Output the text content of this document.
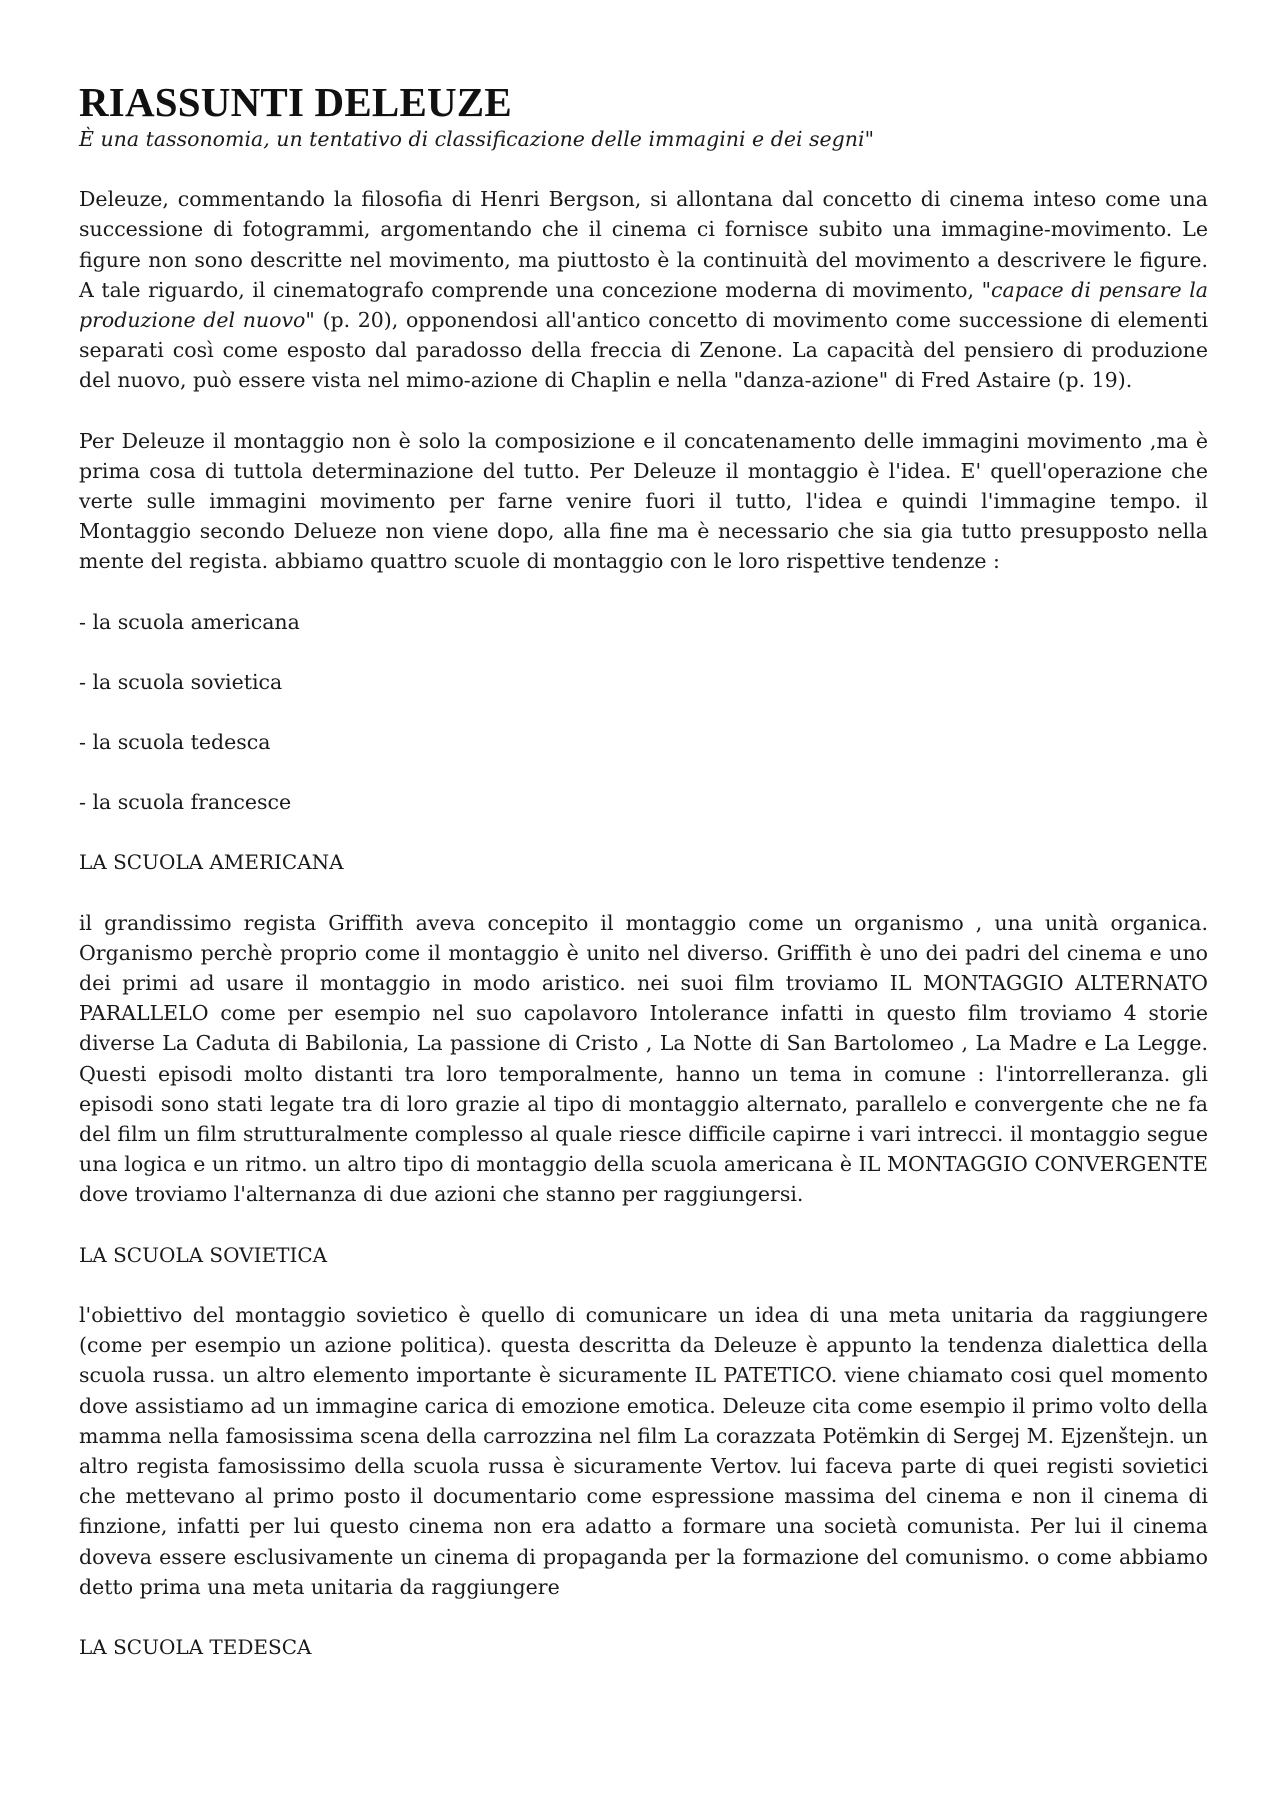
RIASSUNTI DELEUZE

È una tassonomia, un tentativo di classificazione delle immagini e dei segni"

Deleuze, commentando la filosofia di Henri Bergson, si allontana dal concetto di cinema inteso come una successione di fotogrammi, argomentando che il cinema ci fornisce subito una immagine-movimento. Le figure non sono descritte nel movimento, ma piuttosto è la continuità del movimento a descrivere le figure. A tale riguardo, il cinematografo comprende una concezione moderna di movimento, "capace di pensare la produzione del nuovo" (p. 20), opponendosi all'antico concetto di movimento come successione di elementi separati così come esposto dal paradosso della freccia di Zenone. La capacità del pensiero di produzione del nuovo, può essere vista nel mimo-azione di Chaplin e nella "danza-azione" di Fred Astaire (p. 19).

Per Deleuze il montaggio non è solo la composizione e il concatenamento delle immagini movimento ,ma è prima cosa di tuttola determinazione del tutto. Per Deleuze il montaggio è l'idea. E' quell'operazione che verte sulle immagini movimento per farne venire fuori il tutto, l'idea e quindi l'immagine tempo. il Montaggio secondo Delueze non viene dopo, alla fine ma è necessario che sia gia tutto presupposto nella mente del regista. abbiamo quattro scuole di montaggio con le loro rispettive tendenze :

- la scuola americana

- la scuola sovietica

- la scuola tedesca

- la scuola francesce

LA SCUOLA AMERICANA

il grandissimo regista Griffith aveva concepito il montaggio come un organismo , una unità organica. Organismo perchè proprio come il montaggio è unito nel diverso. Griffith è uno dei padri del cinema e uno dei primi ad usare il montaggio in modo aristico. nei suoi film troviamo IL MONTAGGIO ALTERNATO PARALLELO come per esempio nel suo capolavoro Intolerance infatti in questo film troviamo 4 storie diverse La Caduta di Babilonia, La passione di Cristo , La Notte di San Bartolomeo , La Madre e La Legge. Questi episodi molto distanti tra loro temporalmente, hanno un tema in comune : l'intorrelleranza. gli episodi sono stati legate tra di loro grazie al tipo di montaggio alternato, parallelo e convergente che ne fa del film un film strutturalmente complesso al quale riesce difficile capirne i vari intrecci. il montaggio segue una logica e un ritmo. un altro tipo di montaggio della scuola americana è IL MONTAGGIO CONVERGENTE dove troviamo l'alternanza di due azioni che stanno per raggiungersi.

LA SCUOLA SOVIETICA

l'obiettivo del montaggio sovietico è quello di comunicare un idea di una meta unitaria da raggiungere (come per esempio un azione politica). questa descritta da Deleuze è appunto la tendenza dialettica della scuola russa. un altro elemento importante è sicuramente IL PATETICO. viene chiamato cosi quel momento dove assistiamo ad un immagine carica di emozione emotica. Deleuze cita come esempio il primo volto della mamma nella famosissima scena della carrozzina nel film La corazzata Potëmkin di Sergej M. Ejzenštejn. un altro regista famosissimo della scuola russa è sicuramente Vertov. lui faceva parte di quei registi sovietici che mettevano al primo posto il documentario come espressione massima del cinema e non il cinema di finzione, infatti per lui questo cinema non era adatto a formare una società comunista. Per lui il cinema doveva essere esclusivamente un cinema di propaganda per la formazione del comunismo. o come abbiamo detto prima una meta unitaria da raggiungere

LA SCUOLA TEDESCA
